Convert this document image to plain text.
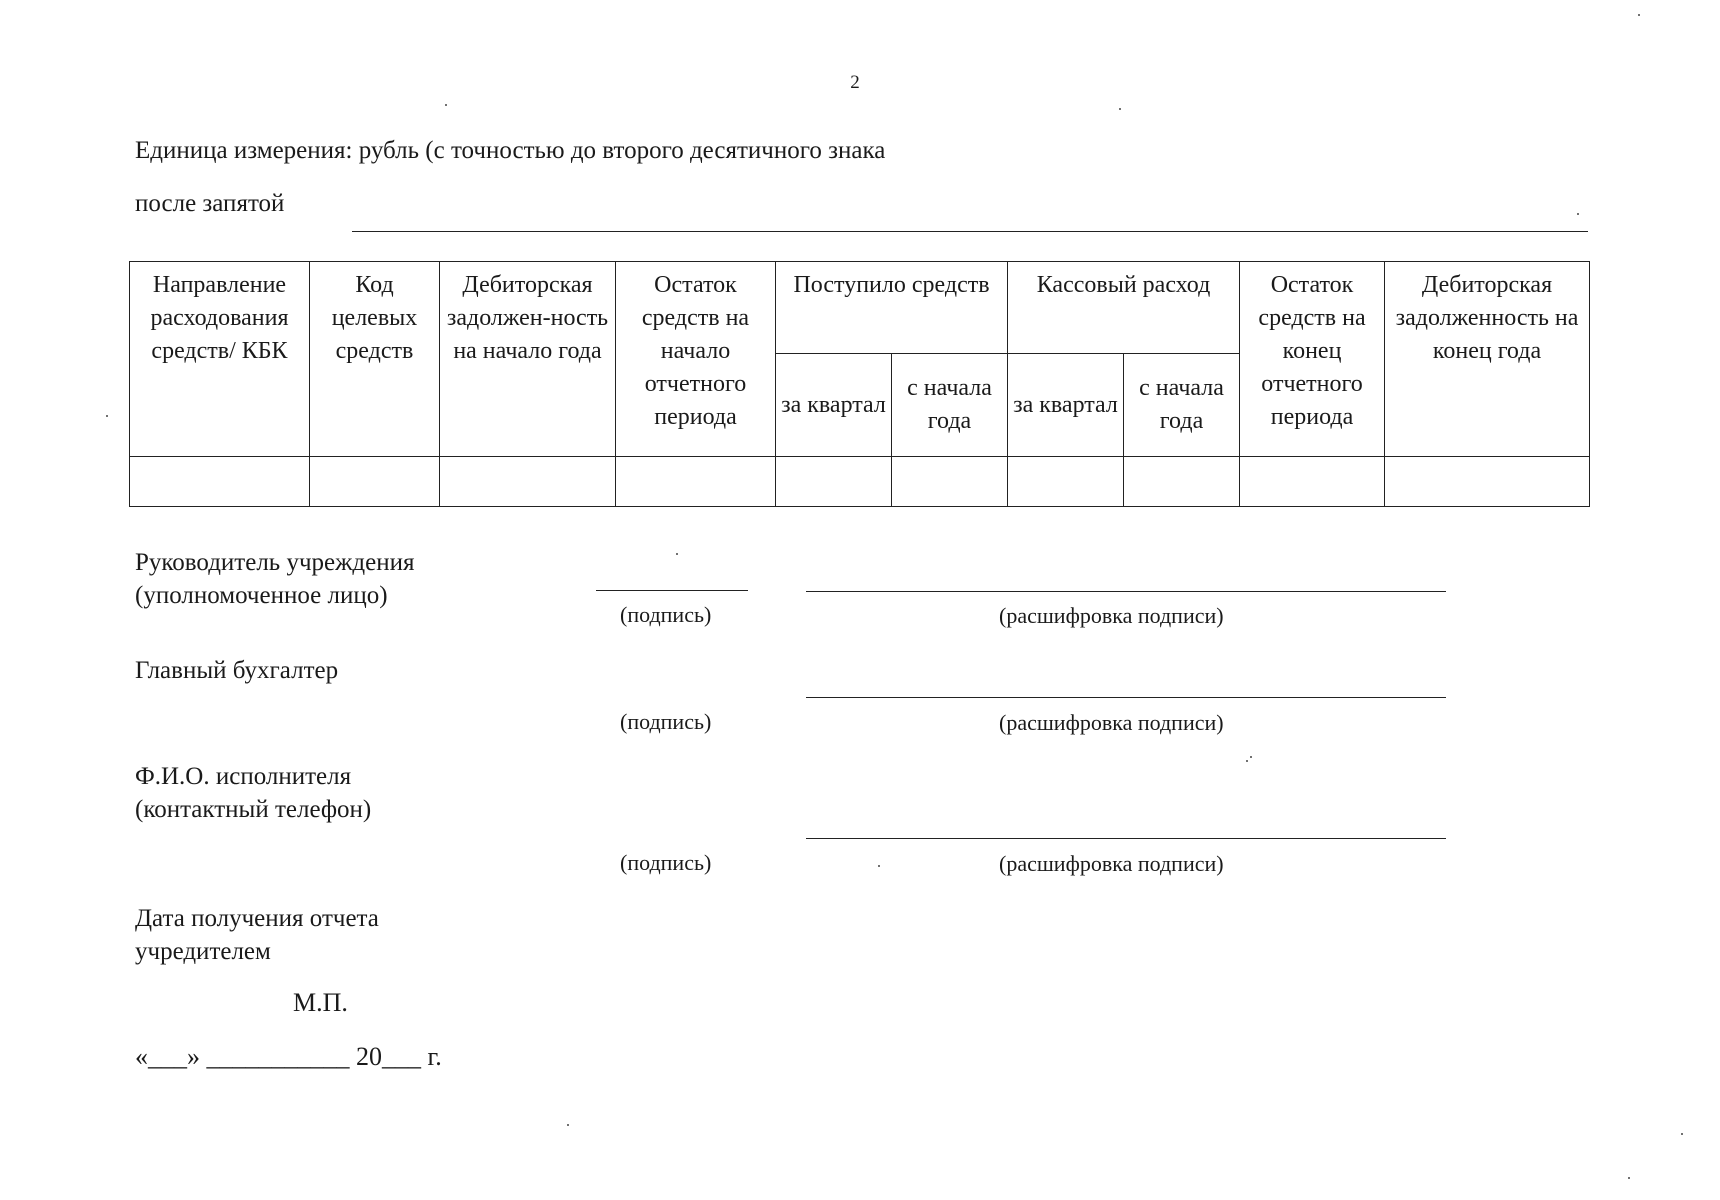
2
Единица измерения: рубль (с точностью до второго десятичного знака
после запятой
Направление расходования средств/ КБК	Код целевых средств	Дебиторская задолжен-ность на начало года	Остаток средств на начало отчетного периода	Поступило средств		Кассовый расход		Остаток средств на конец отчетного периода	Дебиторская задолженность на конец года
				за квартал	с начала года	за квартал	с начала года		

Руководитель учреждения
(уполномоченное лицо)
(подпись)	(расшифровка подписи)
Главный бухгалтер
(подпись)	(расшифровка подписи)
Ф.И.О. исполнителя
(контактный телефон)
(подпись)	(расшифровка подписи)
Дата получения отчета
учредителем
М.П.
«___» ___________ 20___ г.
